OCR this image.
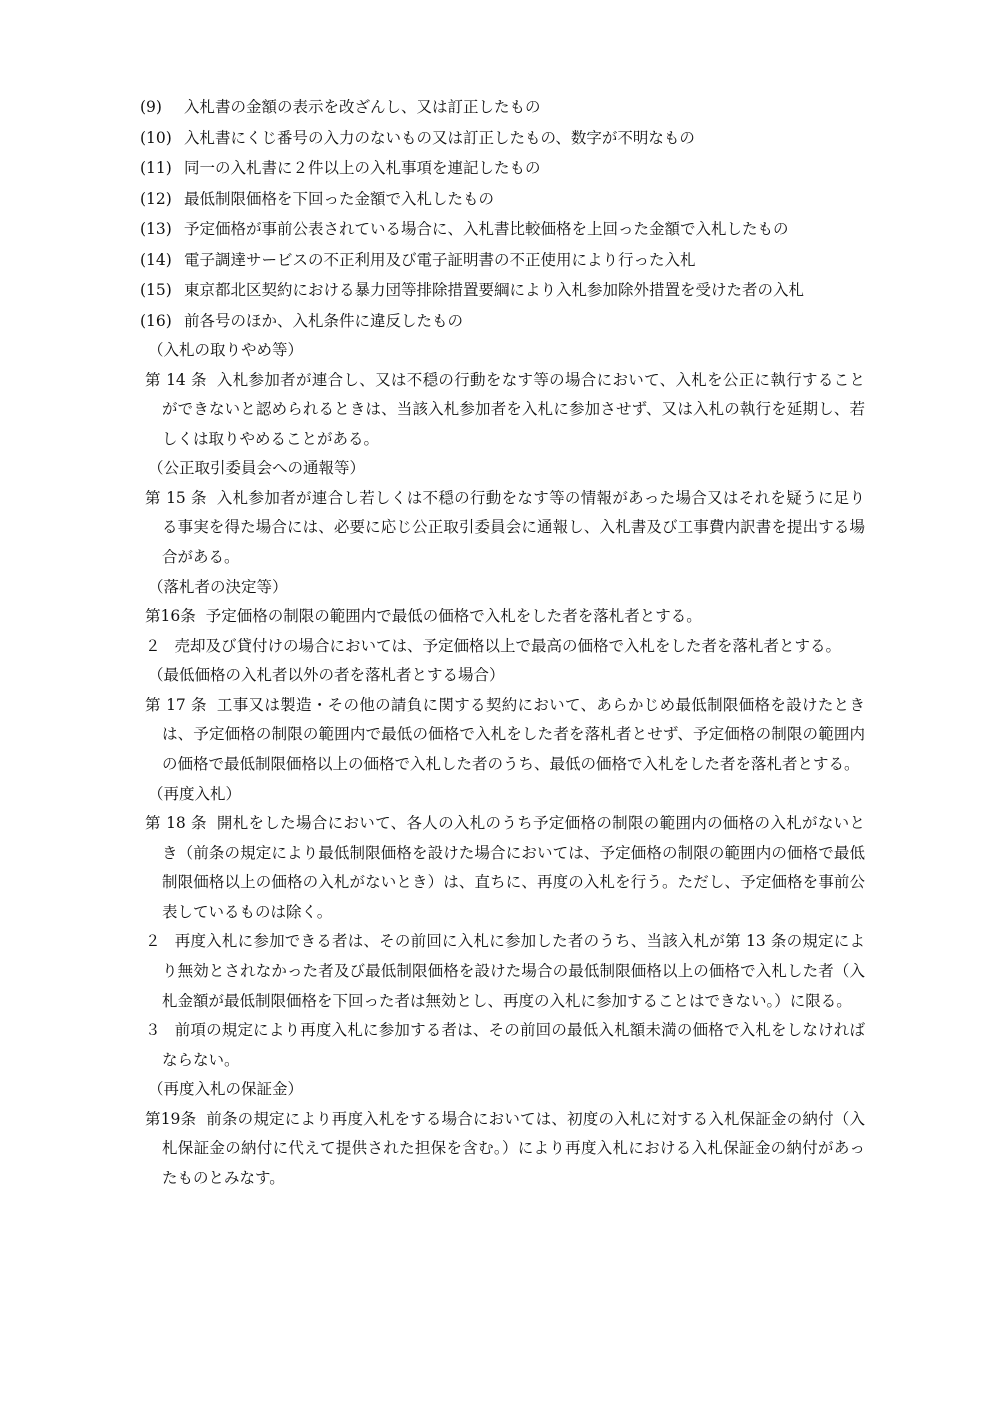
(9) 入札書の金額の表示を改ざんし、又は訂正したもの
(10) 入札書にくじ番号の入力のないもの又は訂正したもの、数字が不明なもの
(11) 同一の入札書に２件以上の入札事項を連記したもの
(12) 最低制限価格を下回った金額で入札したもの
(13) 予定価格が事前公表されている場合に、入札書比較価格を上回った金額で入札したもの
(14) 電子調達サービスの不正利用及び電子証明書の不正使用により行った入札
(15) 東京都北区契約における暴力団等排除措置要綱により入札参加除外措置を受けた者の入札
(16) 前各号のほか、入札条件に違反したもの
（入札の取りやめ等）

第 14 条 入札参加者が連合し、又は不穏の行動をなす等の場合において、入札を公正に執行することができないと認められるときは、当該入札参加者を入札に参加させず、又は入札の執行を延期し、若しくは取りやめることがある。

（公正取引委員会への通報等）

第 15 条 入札参加者が連合し若しくは不穏の行動をなす等の情報があった場合又はそれを疑うに足りる事実を得た場合には、必要に応じ公正取引委員会に通報し、入札書及び工事費内訳書を提出する場合がある。

（落札者の決定等）

第16条 予定価格の制限の範囲内で最低の価格で入札をした者を落札者とする。

２ 売却及び貸付けの場合においては、予定価格以上で最高の価格で入札をした者を落札者とする。

（最低価格の入札者以外の者を落札者とする場合）

第 17 条 工事又は製造・その他の請負に関する契約において、あらかじめ最低制限価格を設けたときは、予定価格の制限の範囲内で最低の価格で入札をした者を落札者とせず、予定価格の制限の範囲内の価格で最低制限価格以上の価格で入札した者のうち、最低の価格で入札をした者を落札者とする。

（再度入札）

第 18 条 開札をした場合において、各人の入札のうち予定価格の制限の範囲内の価格の入札がないとき（前条の規定により最低制限価格を設けた場合においては、予定価格の制限の範囲内の価格で最低制限価格以上の価格の入札がないとき）は、直ちに、再度の入札を行う。ただし、予定価格を事前公表しているものは除く。

２ 再度入札に参加できる者は、その前回に入札に参加した者のうち、当該入札が第 13 条の規定により無効とされなかった者及び最低制限価格を設けた場合の最低制限価格以上の価格で入札した者（入札金額が最低制限価格を下回った者は無効とし、再度の入札に参加することはできない。）に限る。

３ 前項の規定により再度入札に参加する者は、その前回の最低入札額未満の価格で入札をしなければならない。

（再度入札の保証金）

第19条 前条の規定により再度入札をする場合においては、初度の入札に対する入札保証金の納付（入札保証金の納付に代えて提供された担保を含む。）により再度入札における入札保証金の納付があったものとみなす。
